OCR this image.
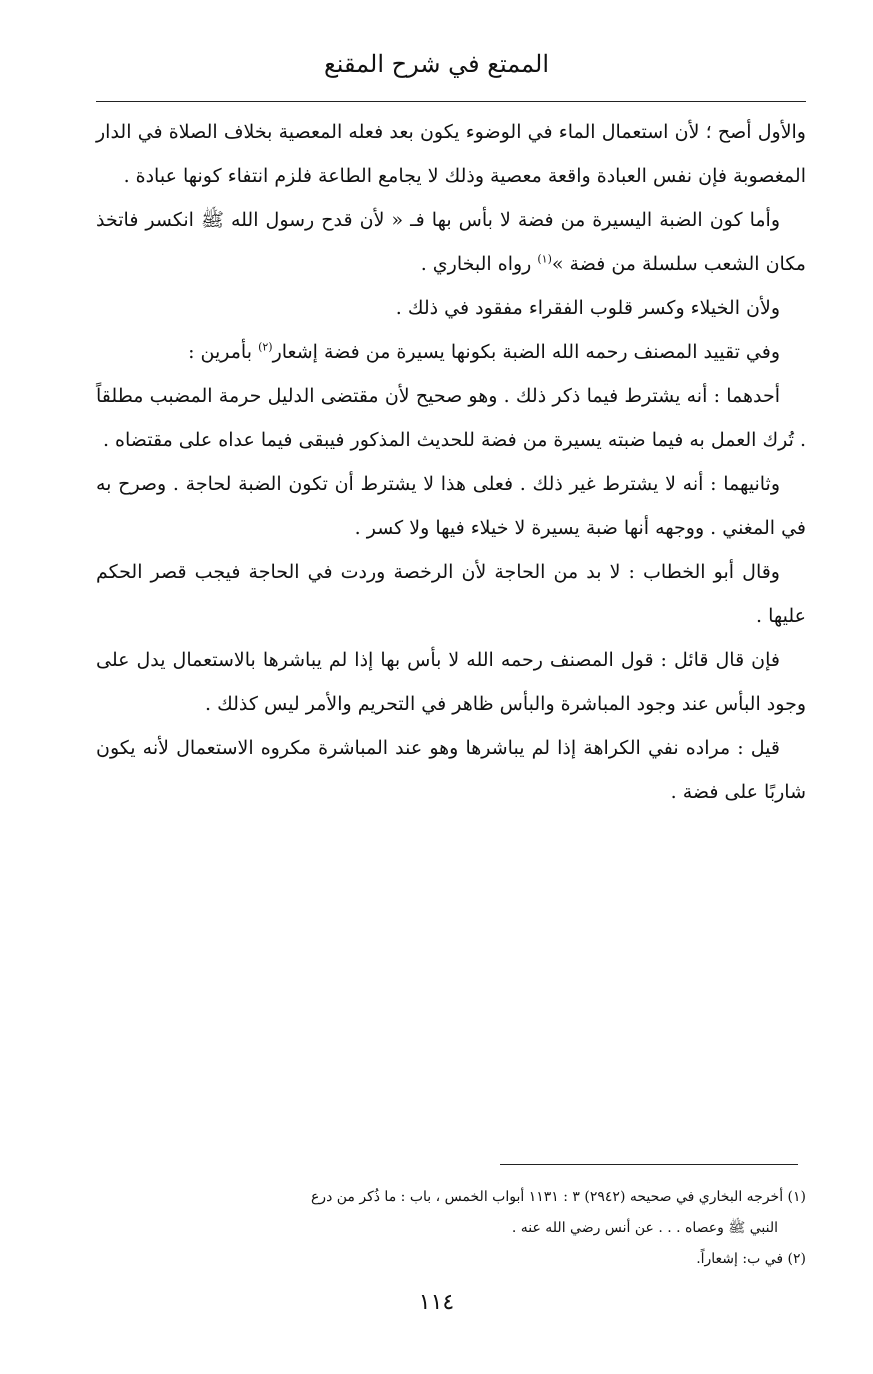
الممتع في شرح المقنع

والأول أصح ؛ لأن استعمال الماء في الوضوء يكون بعد فعله المعصية بخلاف الصلاة في الدار المغصوبة فإن نفس العبادة واقعة معصية وذلك لا يجامع الطاعة فلزم انتفاء كونها عبادة .

وأما كون الضبة اليسيرة من فضة لا بأس بها فـ « لأن قدح رسول الله ﷺ انكسر فاتخذ مكان الشعب سلسلة من فضة »$^{(١)}$ رواه البخاري .

ولأن الخيلاء وكسر قلوب الفقراء مفقود في ذلك .

وفي تقييد المصنف رحمه الله الضبة بكونها يسيرة من فضة إشعار$^{(٢)}$ بأمرين :

أحدهما : أنه يشترط فيما ذكر ذلك . وهو صحيح لأن مقتضى الدليل حرمة المضبب مطلقاً . تُرك العمل به فيما ضبته يسيرة من فضة للحديث المذكور فيبقى فيما عداه على مقتضاه .

وثانيهما : أنه لا يشترط غير ذلك . فعلى هذا لا يشترط أن تكون الضبة لحاجة . وصرح به في المغني . ووجهه أنها ضبة يسيرة لا خيلاء فيها ولا كسر .

وقال أبو الخطاب : لا بد من الحاجة لأن الرخصة وردت في الحاجة فيجب قصر الحكم عليها .

فإن قال قائل : قول المصنف رحمه الله لا بأس بها إذا لم يباشرها بالاستعمال يدل على وجود البأس عند وجود المباشرة والبأس ظاهر في التحريم والأمر ليس كذلك .

قيل : مراده نفي الكراهة إذا لم يباشرها وهو عند المباشرة مكروه الاستعمال لأنه يكون شاربًا على فضة .

(١) أخرجه البخاري في صحيحه (٢٩٤٢) ٣ : ١١٣١ أبواب الخمس ، باب : ما ذُكر من درع

النبي ﷺ وعصاه . . . عن أنس رضي الله عنه .

(٢) في ب: إشعاراً.

١١٤
